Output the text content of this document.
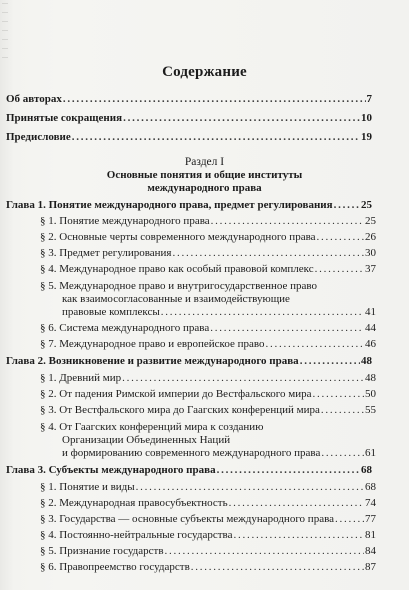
—
—
—
—
—
—
—
Содержание
Об авторах . . .	7
Принятые сокращения . . .	10
Предисловие . . .	19
Раздел I
Основные понятия и общие институты
международного права
Глава 1. Понятие международного права, предмет регулирования . . .	25
§ 1. Понятие международного права . . .	25
§ 2. Основные черты современного международного права . . .	26
§ 3. Предмет регулирования . . .	30
§ 4. Международное право как особый правовой комплекс . . .	37
§ 5. Международное право и внутригосударственное право
как взаимосогласованные и взаимодействующие
правовые комплексы . . .	41
§ 6. Система международного права . . .	44
§ 7. Международное право и европейское право . . .	46
Глава 2. Возникновение и развитие международного права . . .	48
§ 1. Древний мир . . .	48
§ 2. От падения Римской империи до Вестфальского мира . . .	50
§ 3. От Вестфальского мира до Гаагских конференций мира . . .	55
§ 4. От Гаагских конференций мира к созданию
Организации Объединенных Наций
и формированию современного международного права . . .	61
Глава 3. Субъекты международного права . . .	68
§ 1. Понятие и виды . . .	68
§ 2. Международная правосубъектность . . .	74
§ 3. Государства — основные субъекты международного права . . .	77
§ 4. Постоянно-нейтральные государства . . .	81
§ 5. Признание государств . . .	84
§ 6. Правопреемство государств . . .	87
